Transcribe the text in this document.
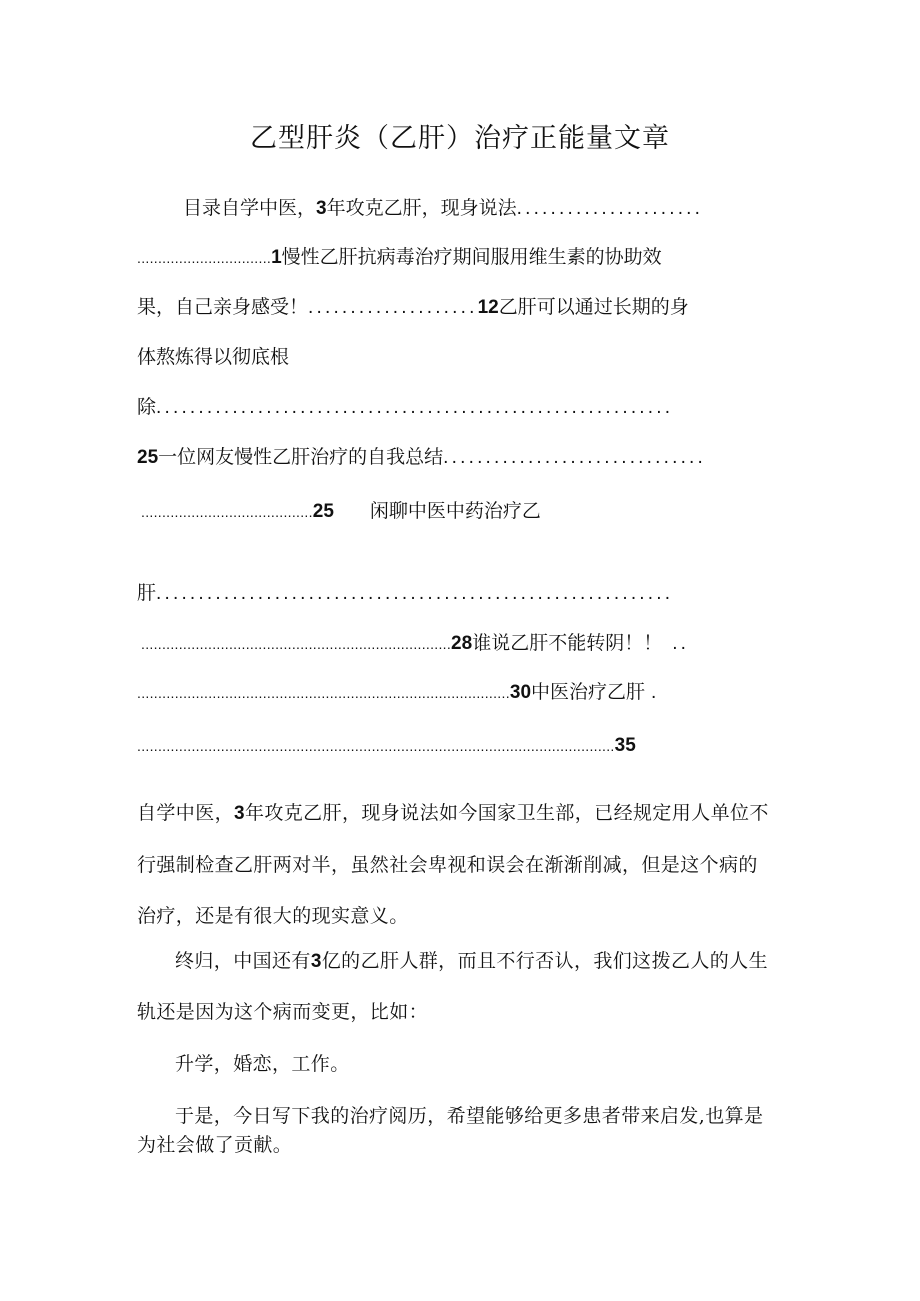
乙型肝炎（乙肝）治疗正能量文章
目录自学中医，3年攻克乙肝，现身说法......................
................................1慢性乙肝抗病毒治疗期间服用维生素的协助效
果，自己亲身感受！....................12乙肝可以通过长期的身
体熬炼得以彻底根
除.............................................................
25一位网友慢性乙肝治疗的自我总结...............................
.........................................25 闲聊中医中药治疗乙
肝.............................................................
..........................................................................28谁说乙肝不能转阴！！ ..
.........................................................................................30中医治疗乙肝 .
..................................................................................................................35
自学中医，3年攻克乙肝，现身说法如今国家卫生部，已经规定用人单位不
行强制检查乙肝两对半，虽然社会卑视和误会在渐渐削减，但是这个病的
治疗，还是有很大的现实意义。
终归，中国还有3亿的乙肝人群，而且不行否认，我们这拨乙人的人生
轨还是因为这个病而变更，比如：
升学，婚恋，工作。
于是，今日写下我的治疗阅历，希望能够给更多患者带来启发,也算是
为社会做了贡献。
